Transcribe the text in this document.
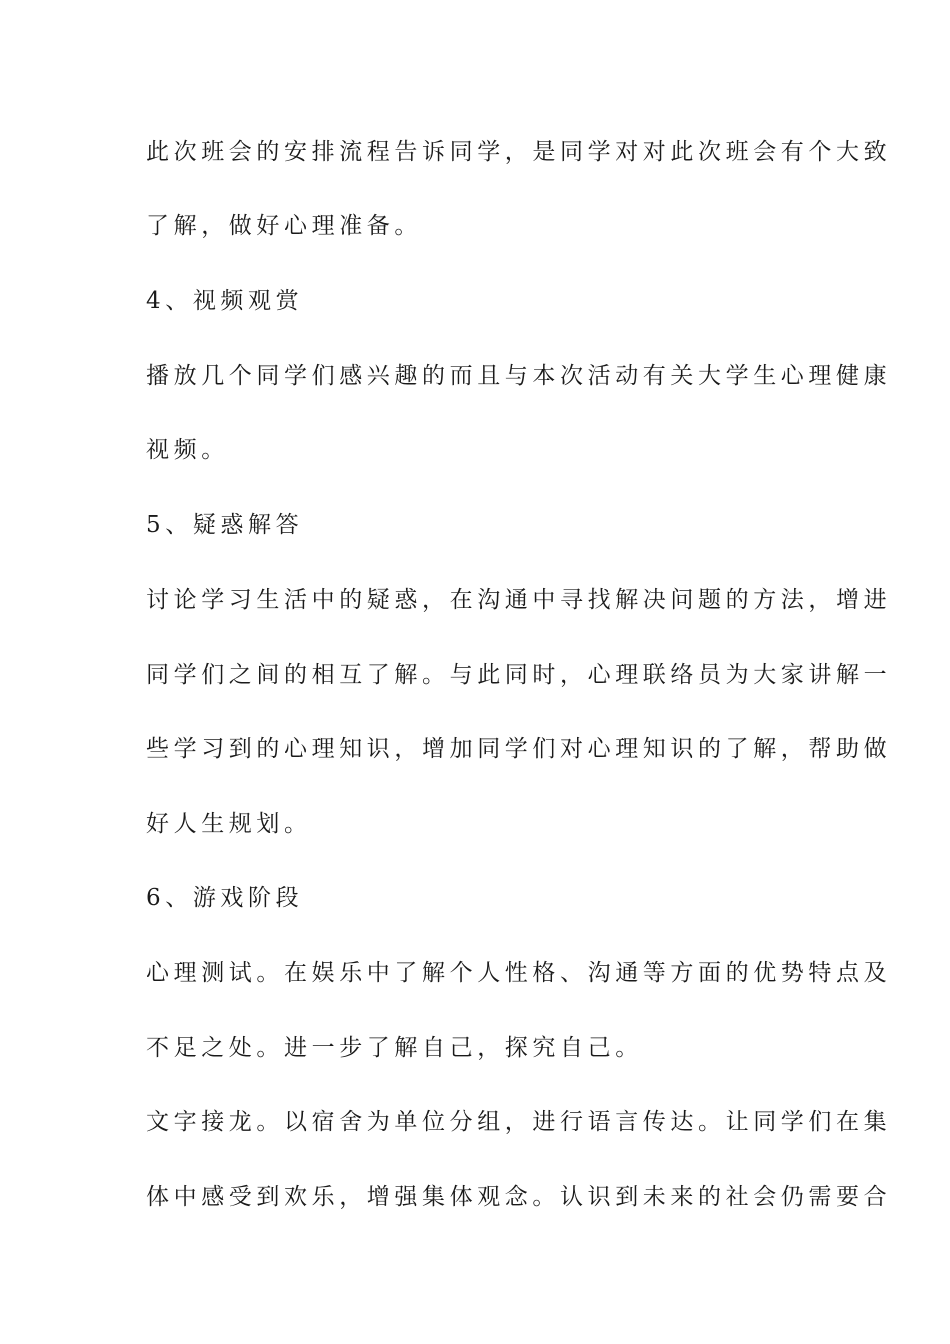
此次班会的安排流程告诉同学，是同学对对此次班会有个大致
了解，做好心理准备。
4、视频观赏
播放几个同学们感兴趣的而且与本次活动有关大学生心理健康
视频。
5、疑惑解答
讨论学习生活中的疑惑，在沟通中寻找解决问题的方法，增进
同学们之间的相互了解。与此同时，心理联络员为大家讲解一
些学习到的心理知识，增加同学们对心理知识的了解，帮助做
好人生规划。
6、游戏阶段
心理测试。在娱乐中了解个人性格、沟通等方面的优势特点及
不足之处。进一步了解自己，探究自己。
文字接龙。以宿舍为单位分组，进行语言传达。让同学们在集
体中感受到欢乐，增强集体观念。认识到未来的社会仍需要合
